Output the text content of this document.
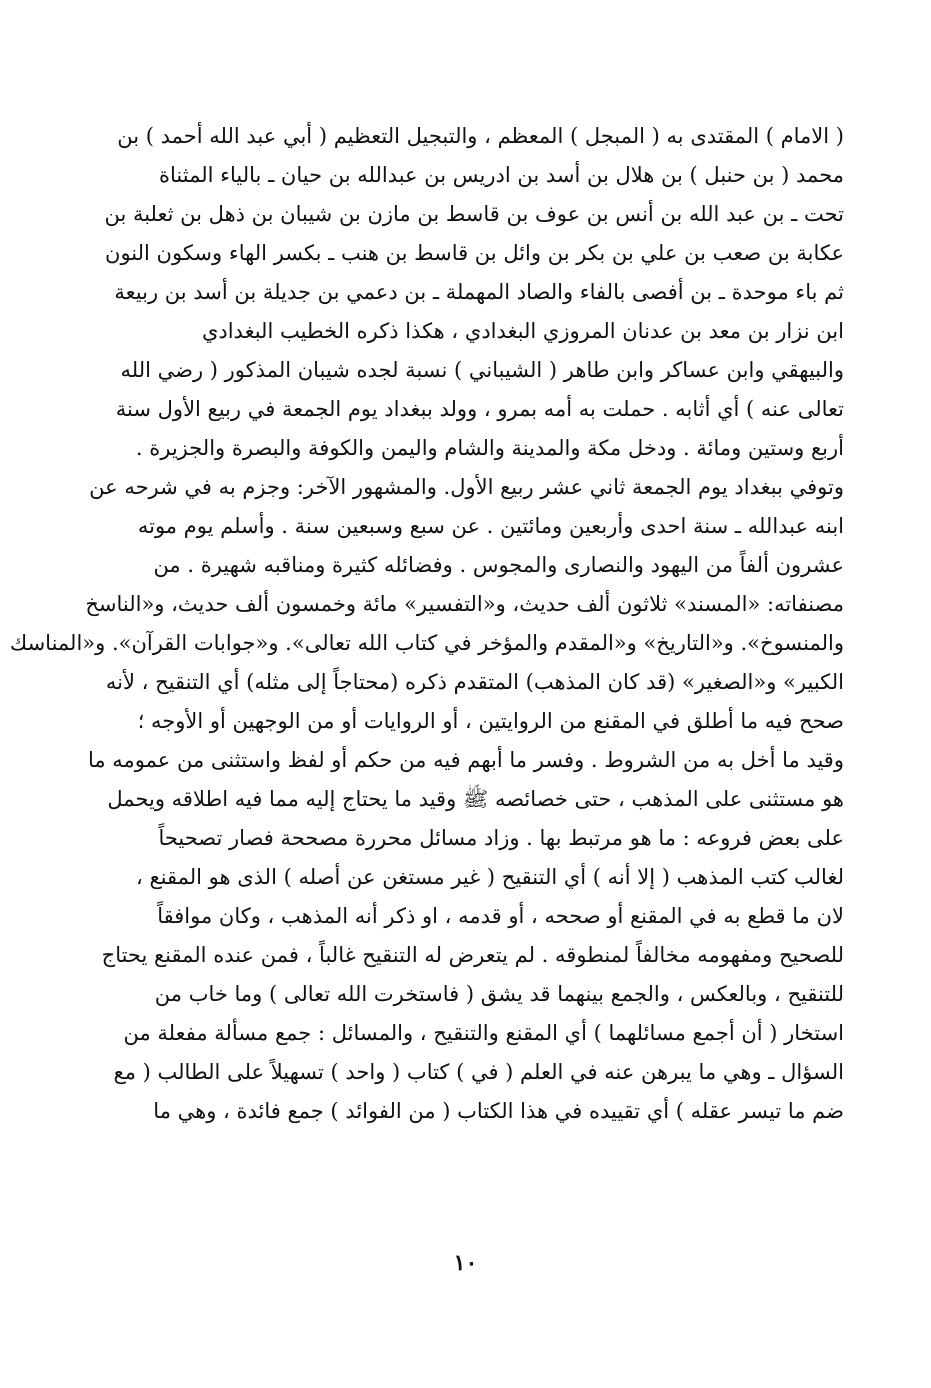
( الامام ) المقتدى به ( المبجل ) المعظم ، والتبجيل التعظيم ( أبي عبد الله أحمد ) بن
محمد ( بن حنبل ) بن هلال بن أسد بن ادريس بن عبدالله بن حيان ـ بالياء المثناة
تحت ـ بن عبد الله بن أنس بن عوف بن قاسط بن مازن بن شيبان بن ذهل بن ثعلبة بن
عكابة بن صعب بن علي بن بكر بن وائل بن قاسط بن هنب ـ بكسر الهاء وسكون النون
ثم باء موحدة ـ بن أفصى بالفاء والصاد المهملة ـ بن دعمي بن جديلة بن أسد بن ربيعة
ابن نزار بن معد بن عدنان المروزي البغدادي ، هكذا ذكره الخطيب البغدادي
والبيهقي وابن عساكر وابن طاهر ( الشيباني ) نسبة لجده شيبان المذكور ( رضي الله
تعالى عنه ) أي أثابه . حملت به أمه بمرو ، وولد ببغداد يوم الجمعة في ربيع الأول سنة
أربع وستين ومائة . ودخل مكة والمدينة والشام واليمن والكوفة والبصرة والجزيرة .
وتوفي ببغداد يوم الجمعة ثاني عشر ربيع الأول. والمشهور الآخر: وجزم به في شرحه عن
ابنه عبدالله ـ سنة احدى وأربعين ومائتين . عن سبع وسبعين سنة . وأسلم يوم موته
عشرون ألفاً من اليهود والنصارى والمجوس . وفضائله كثيرة ومناقبه شهيرة . من
مصنفاته: «المسند» ثلاثون ألف حديث، و«التفسير» مائة وخمسون ألف حديث، و«الناسخ
والمنسوخ». و«التاريخ» و«المقدم والمؤخر في كتاب الله تعالى». و«جوابات القرآن». و«المناسك
الكبير» و«الصغير» (قد كان المذهب) المتقدم ذكره (محتاجاً إلى مثله) أي التنقيح ، لأنه
صحح فيه ما أطلق في المقنع من الروايتين ، أو الروايات أو من الوجهين أو الأوجه ؛
وقيد ما أخل به من الشروط . وفسر ما أبهم فيه من حكم أو لفظ واستثنى من عمومه ما
هو مستثنى على المذهب ، حتى خصائصه ﷺ وقيد ما يحتاج إليه مما فيه اطلاقه ويحمل
على بعض فروعه : ما هو مرتبط بها . وزاد مسائل محررة مصححة فصار تصحيحاً
لغالب كتب المذهب ( إلا أنه ) أي التنقيح ( غير مستغن عن أصله ) الذى هو المقنع ،
لان ما قطع به في المقنع أو صححه ، أو قدمه ، او ذكر أنه المذهب ، وكان موافقاً
للصحيح ومفهومه مخالفاً لمنطوقه . لم يتعرض له التنقيح غالباً ، فمن عنده المقنع يحتاج
للتنقيح ، وبالعكس ، والجمع بينهما قد يشق ( فاستخرت الله تعالى ) وما خاب من
استخار ( أن أجمع مسائلهما ) أي المقنع والتنقيح ، والمسائل : جمع مسألة مفعلة من
السؤال ـ وهي ما يبرهن عنه في العلم ( في ) كتاب ( واحد ) تسهيلاً على الطالب ( مع
ضم ما تيسر عقله ) أي تقييده في هذا الكتاب ( من الفوائد ) جمع فائدة ، وهي ما
١٠
